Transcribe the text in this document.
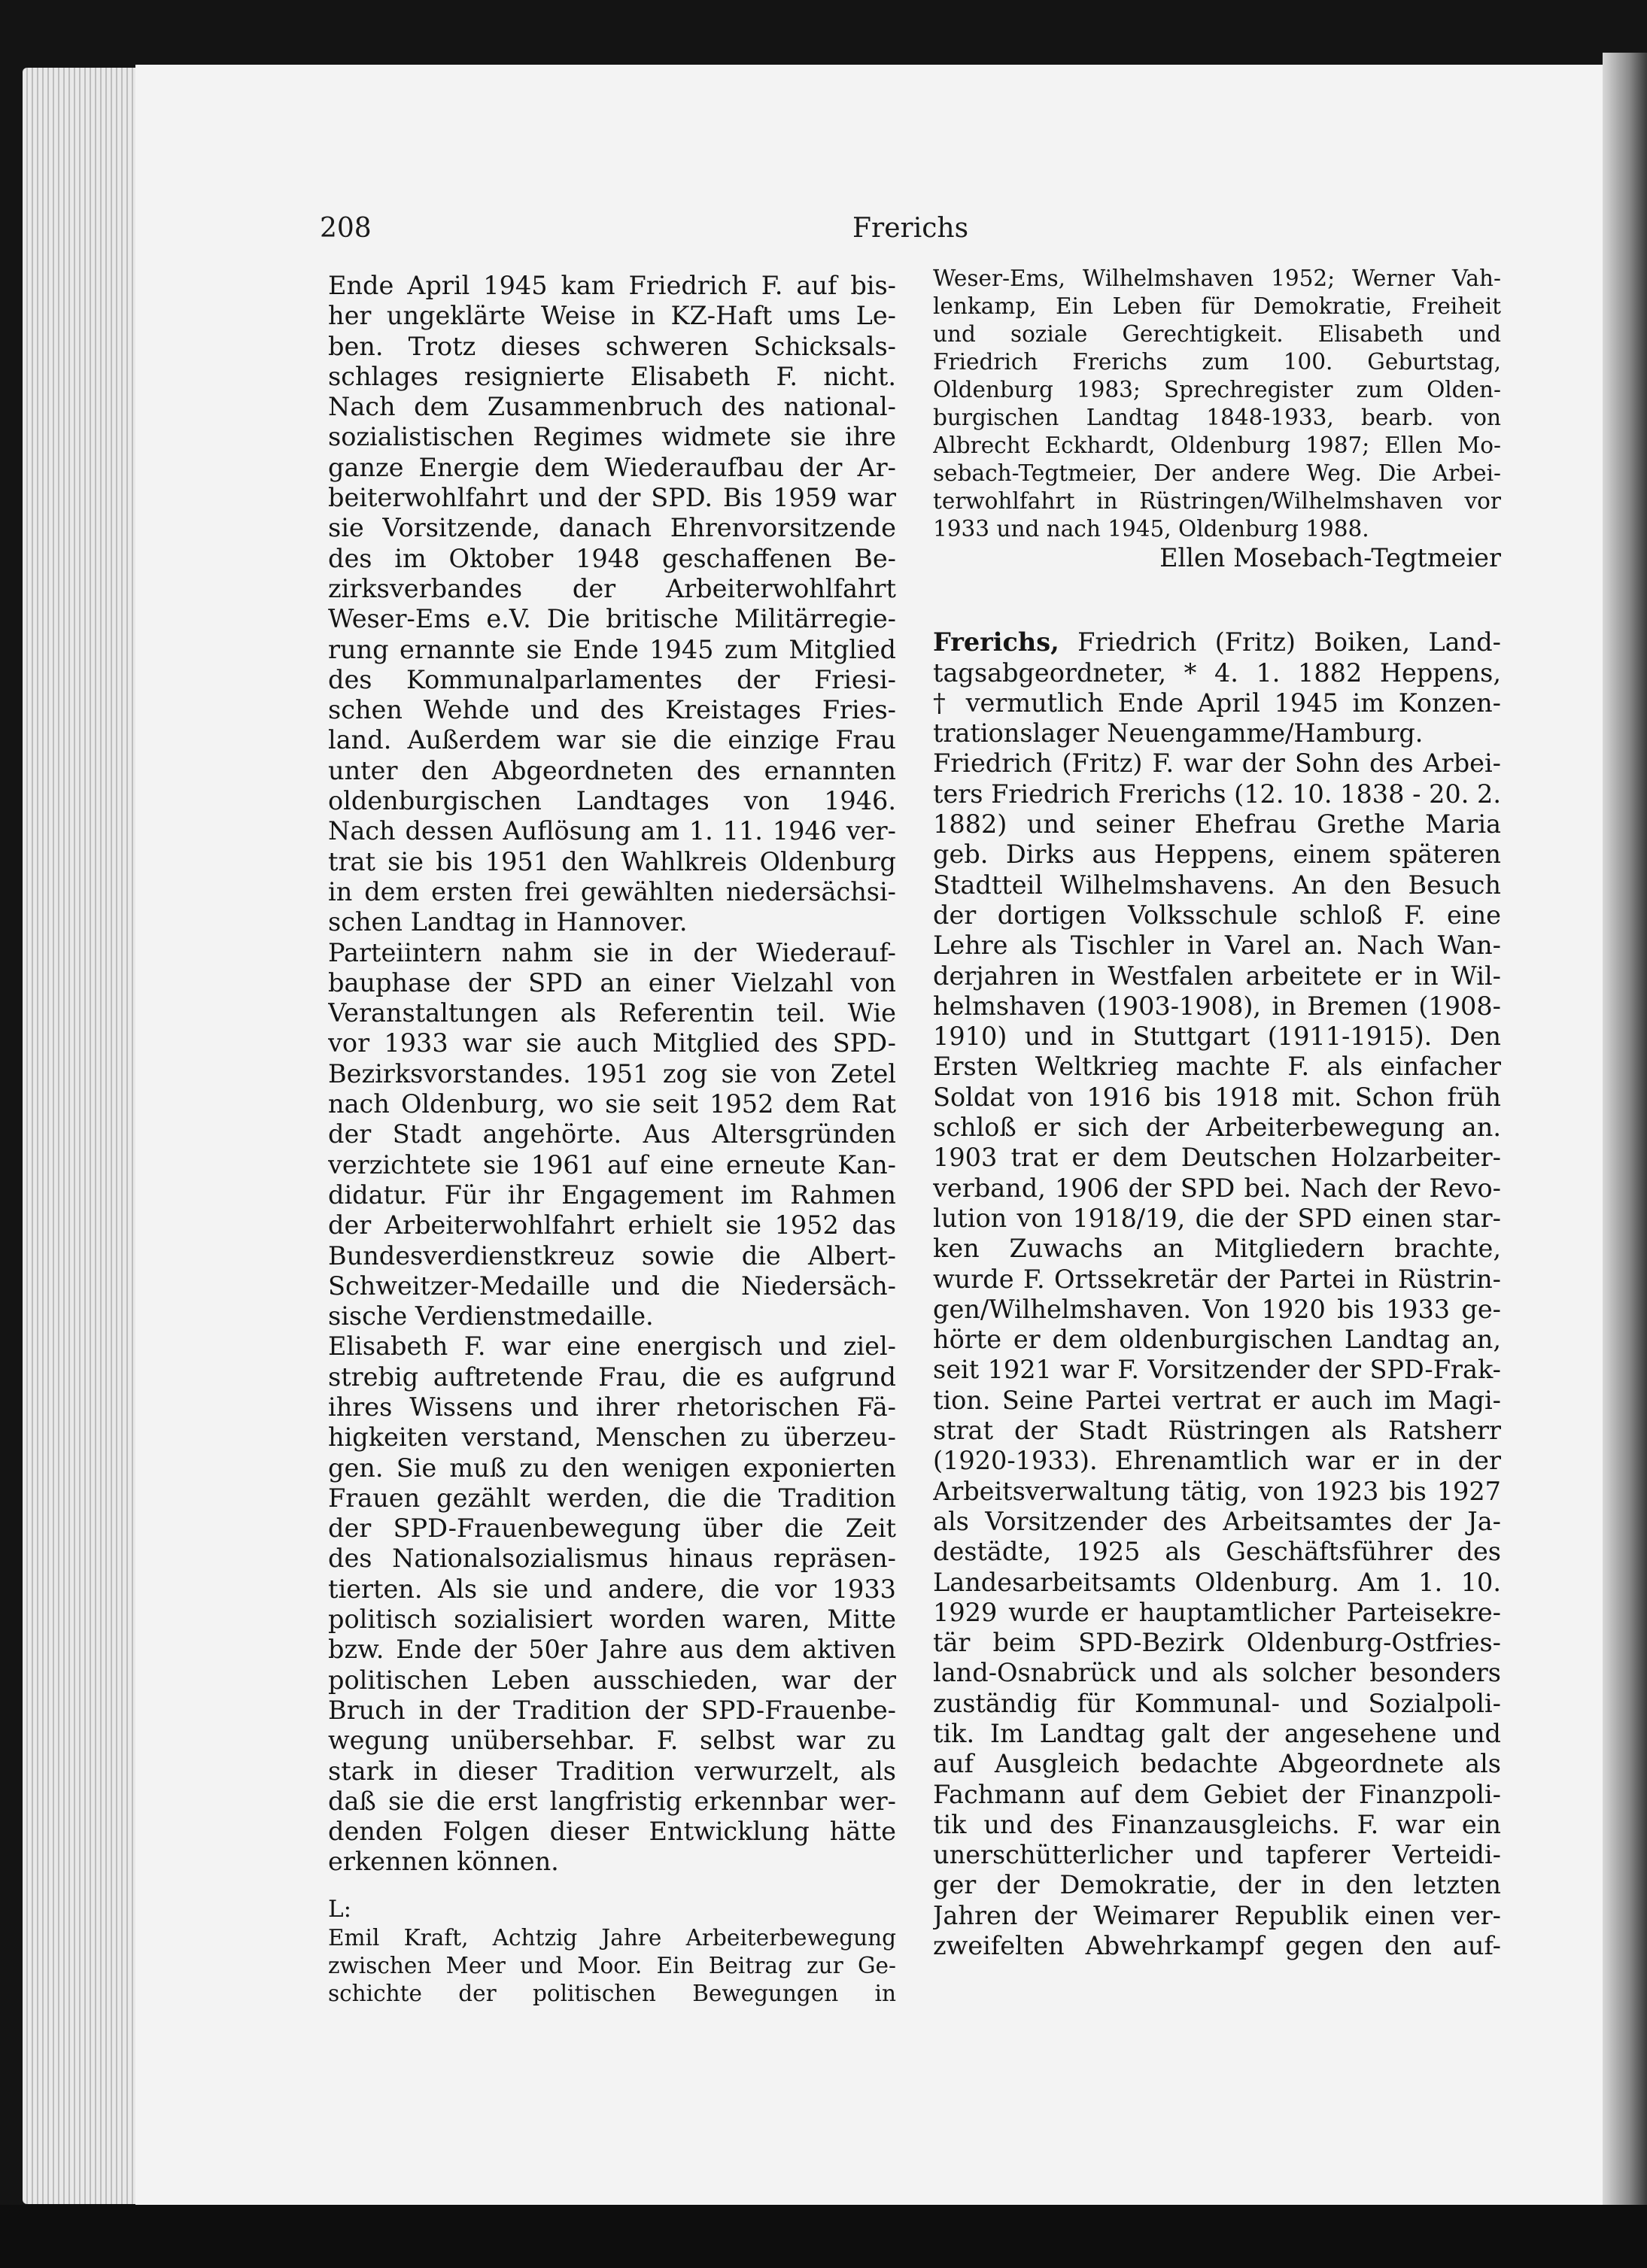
208	Frerichs
Ende April 1945 kam Friedrich F. auf bis-
her ungeklärte Weise in KZ-Haft ums Le-
ben. Trotz dieses schweren Schicksals-
schlages resignierte Elisabeth F. nicht.
Nach dem Zusammenbruch des national-
sozialistischen Regimes widmete sie ihre
ganze Energie dem Wiederaufbau der Ar-
beiterwohlfahrt und der SPD. Bis 1959 war
sie Vorsitzende, danach Ehrenvorsitzende
des im Oktober 1948 geschaffenen Be-
zirksverbandes der Arbeiterwohlfahrt
Weser-Ems e.V. Die britische Militärregie-
rung ernannte sie Ende 1945 zum Mitglied
des Kommunalparlamentes der Friesi-
schen Wehde und des Kreistages Fries-
land. Außerdem war sie die einzige Frau
unter den Abgeordneten des ernannten
oldenburgischen Landtages von 1946.
Nach dessen Auflösung am 1. 11. 1946 ver-
trat sie bis 1951 den Wahlkreis Oldenburg
in dem ersten frei gewählten niedersächsi-
schen Landtag in Hannover.
Parteiintern nahm sie in der Wiederauf-
bauphase der SPD an einer Vielzahl von
Veranstaltungen als Referentin teil. Wie
vor 1933 war sie auch Mitglied des SPD-
Bezirksvorstandes. 1951 zog sie von Zetel
nach Oldenburg, wo sie seit 1952 dem Rat
der Stadt angehörte. Aus Altersgründen
verzichtete sie 1961 auf eine erneute Kan-
didatur. Für ihr Engagement im Rahmen
der Arbeiterwohlfahrt erhielt sie 1952 das
Bundesverdienstkreuz sowie die Albert-
Schweitzer-Medaille und die Niedersäch-
sische Verdienstmedaille.
Elisabeth F. war eine energisch und ziel-
strebig auftretende Frau, die es aufgrund
ihres Wissens und ihrer rhetorischen Fä-
higkeiten verstand, Menschen zu überzeu-
gen. Sie muß zu den wenigen exponierten
Frauen gezählt werden, die die Tradition
der SPD-Frauenbewegung über die Zeit
des Nationalsozialismus hinaus repräsen-
tierten. Als sie und andere, die vor 1933
politisch sozialisiert worden waren, Mitte
bzw. Ende der 50er Jahre aus dem aktiven
politischen Leben ausschieden, war der
Bruch in der Tradition der SPD-Frauenbe-
wegung unübersehbar. F. selbst war zu
stark in dieser Tradition verwurzelt, als
daß sie die erst langfristig erkennbar wer-
denden Folgen dieser Entwicklung hätte
erkennen können.
L:
Emil Kraft, Achtzig Jahre Arbeiterbewegung
zwischen Meer und Moor. Ein Beitrag zur Ge-
schichte der politischen Bewegungen in
Weser-Ems, Wilhelmshaven 1952; Werner Vah-
lenkamp, Ein Leben für Demokratie, Freiheit
und soziale Gerechtigkeit. Elisabeth und
Friedrich Frerichs zum 100. Geburtstag,
Oldenburg 1983; Sprechregister zum Olden-
burgischen Landtag 1848-1933, bearb. von
Albrecht Eckhardt, Oldenburg 1987; Ellen Mo-
sebach-Tegtmeier, Der andere Weg. Die Arbei-
terwohlfahrt in Rüstringen/Wilhelmshaven vor
1933 und nach 1945, Oldenburg 1988.
Ellen Mosebach-Tegtmeier
Frerichs, Friedrich (Fritz) Boiken, Land-
tagsabgeordneter, * 4. 1. 1882 Heppens,
† vermutlich Ende April 1945 im Konzen-
trationslager Neuengamme/Hamburg.
Friedrich (Fritz) F. war der Sohn des Arbei-
ters Friedrich Frerichs (12. 10. 1838 - 20. 2.
1882) und seiner Ehefrau Grethe Maria
geb. Dirks aus Heppens, einem späteren
Stadtteil Wilhelmshavens. An den Besuch
der dortigen Volksschule schloß F. eine
Lehre als Tischler in Varel an. Nach Wan-
derjahren in Westfalen arbeitete er in Wil-
helmshaven (1903-1908), in Bremen (1908-
1910) und in Stuttgart (1911-1915). Den
Ersten Weltkrieg machte F. als einfacher
Soldat von 1916 bis 1918 mit. Schon früh
schloß er sich der Arbeiterbewegung an.
1903 trat er dem Deutschen Holzarbeiter-
verband, 1906 der SPD bei. Nach der Revo-
lution von 1918/19, die der SPD einen star-
ken Zuwachs an Mitgliedern brachte,
wurde F. Ortssekretär der Partei in Rüstrin-
gen/Wilhelmshaven. Von 1920 bis 1933 ge-
hörte er dem oldenburgischen Landtag an,
seit 1921 war F. Vorsitzender der SPD-Frak-
tion. Seine Partei vertrat er auch im Magi-
strat der Stadt Rüstringen als Ratsherr
(1920-1933). Ehrenamtlich war er in der
Arbeitsverwaltung tätig, von 1923 bis 1927
als Vorsitzender des Arbeitsamtes der Ja-
destädte, 1925 als Geschäftsführer des
Landesarbeitsamts Oldenburg. Am 1. 10.
1929 wurde er hauptamtlicher Parteisekre-
tär beim SPD-Bezirk Oldenburg-Ostfries-
land-Osnabrück und als solcher besonders
zuständig für Kommunal- und Sozialpoli-
tik. Im Landtag galt der angesehene und
auf Ausgleich bedachte Abgeordnete als
Fachmann auf dem Gebiet der Finanzpoli-
tik und des Finanzausgleichs. F. war ein
unerschütterlicher und tapferer Verteidi-
ger der Demokratie, der in den letzten
Jahren der Weimarer Republik einen ver-
zweifelten Abwehrkampf gegen den auf-
